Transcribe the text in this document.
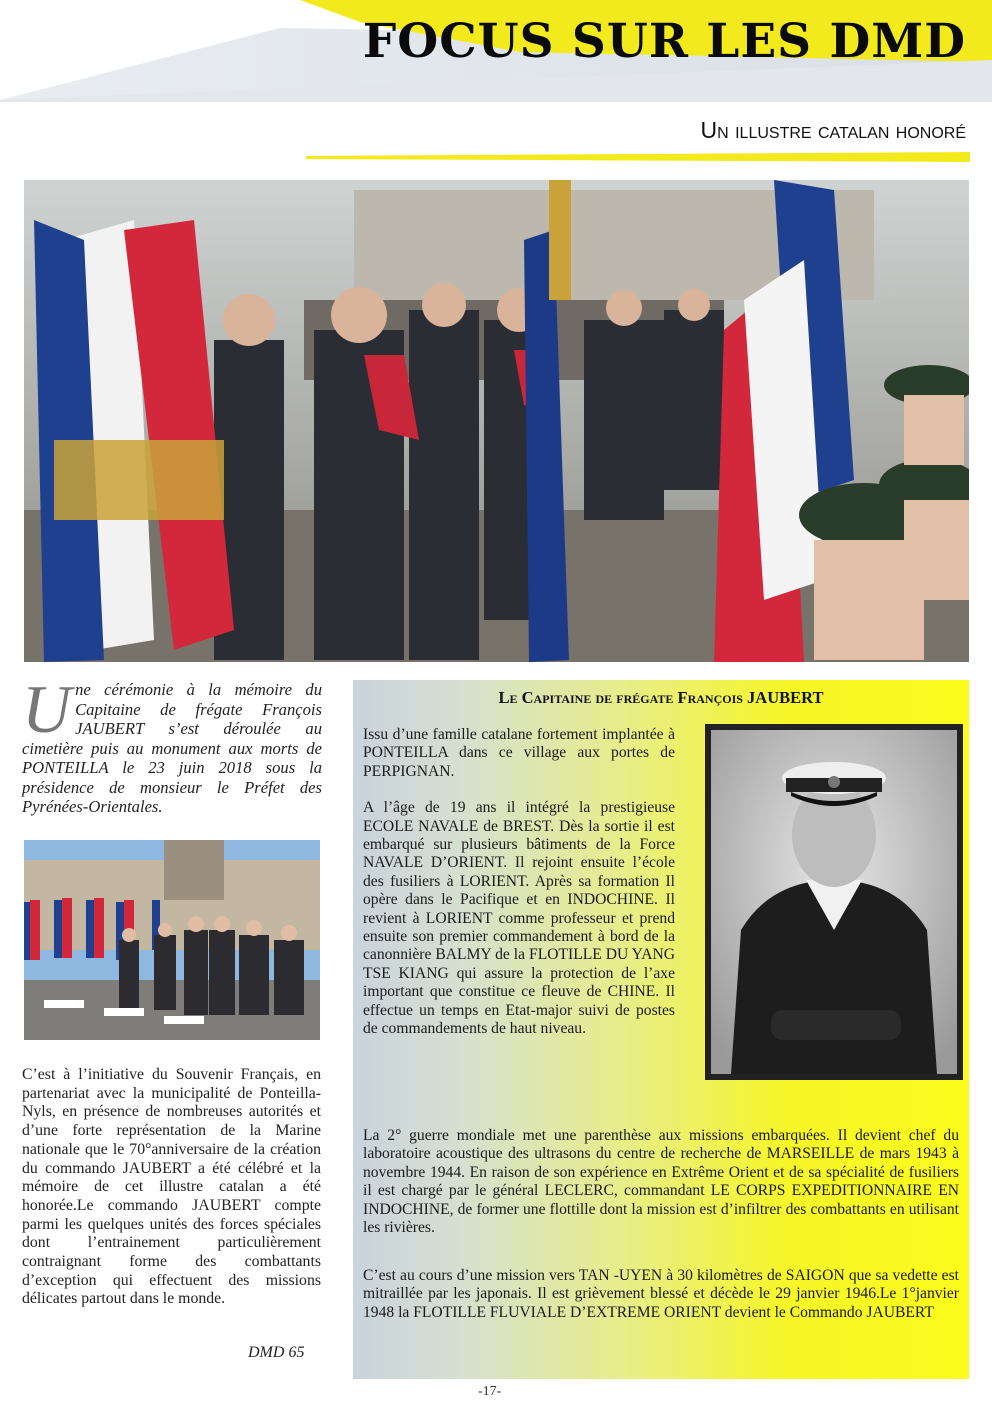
FOCUS SUR LES DMD
Un illustre catalan honoré
Une cérémonie à la mémoire du Capitaine de frégate François JAUBERT s’est déroulée au cimetière puis au monument aux morts de PONTEILLA le 23 juin 2018 sous la présidence de monsieur le Préfet des Pyrénées-Orientales.
C’est à l’initiative du Souvenir Français, en partenariat avec la municipalité de Ponteilla-Nyls, en présence de nombreuses autorités et d’une forte représentation de la Marine nationale que le 70°anniversaire de la création du commando JAUBERT a été célébré et la mémoire de cet illustre catalan a été honorée.Le commando JAUBERT compte parmi les quelques unités des forces spéciales dont l’entrainement particulièrement contraignant forme des combattants d’exception qui effectuent des missions délicates partout dans le monde.
DMD 65
Le Capitaine de frégate François JAUBERT
Issu d’une famille catalane fortement implantée à PONTEILLA dans ce village aux portes de PERPIGNAN.
A l’âge de 19 ans il intégré la prestigieuse ECOLE NAVALE de BREST. Dès la sortie il est embarqué sur plusieurs bâtiments de la Force NAVALE D’ORIENT. Il rejoint ensuite l’école des fusiliers à LORIENT. Après sa formation Il opère dans le Pacifique et en INDOCHINE. Il revient à LORIENT comme professeur et prend ensuite son premier commandement à bord de la canonnière BALMY de la FLOTILLE DU YANG TSE KIANG qui assure la protection de l’axe important que constitue ce fleuve de CHINE. Il effectue un temps en Etat-major suivi de postes de commandements de haut niveau.
La 2° guerre mondiale met une parenthèse aux missions embarquées. Il devient chef du laboratoire acoustique des ultrasons du centre de recherche de MARSEILLE de mars 1943 à novembre 1944. En raison de son expérience en Extrême Orient et de sa spécialité de fusiliers il est chargé par le général LECLERC, commandant LE CORPS EXPEDITIONNAIRE EN INDOCHINE, de former une flottille dont la mission est d’infiltrer des combattants en utilisant les rivières.
C’est au cours d’une mission vers TAN -UYEN à 30 kilomètres de SAIGON que sa vedette est mitraillée par les japonais. Il est grièvement blessé et décède le 29 janvier 1946.Le 1°janvier 1948 la FLOTILLE FLUVIALE D’EXTREME ORIENT devient le Commando JAUBERT
-17-
